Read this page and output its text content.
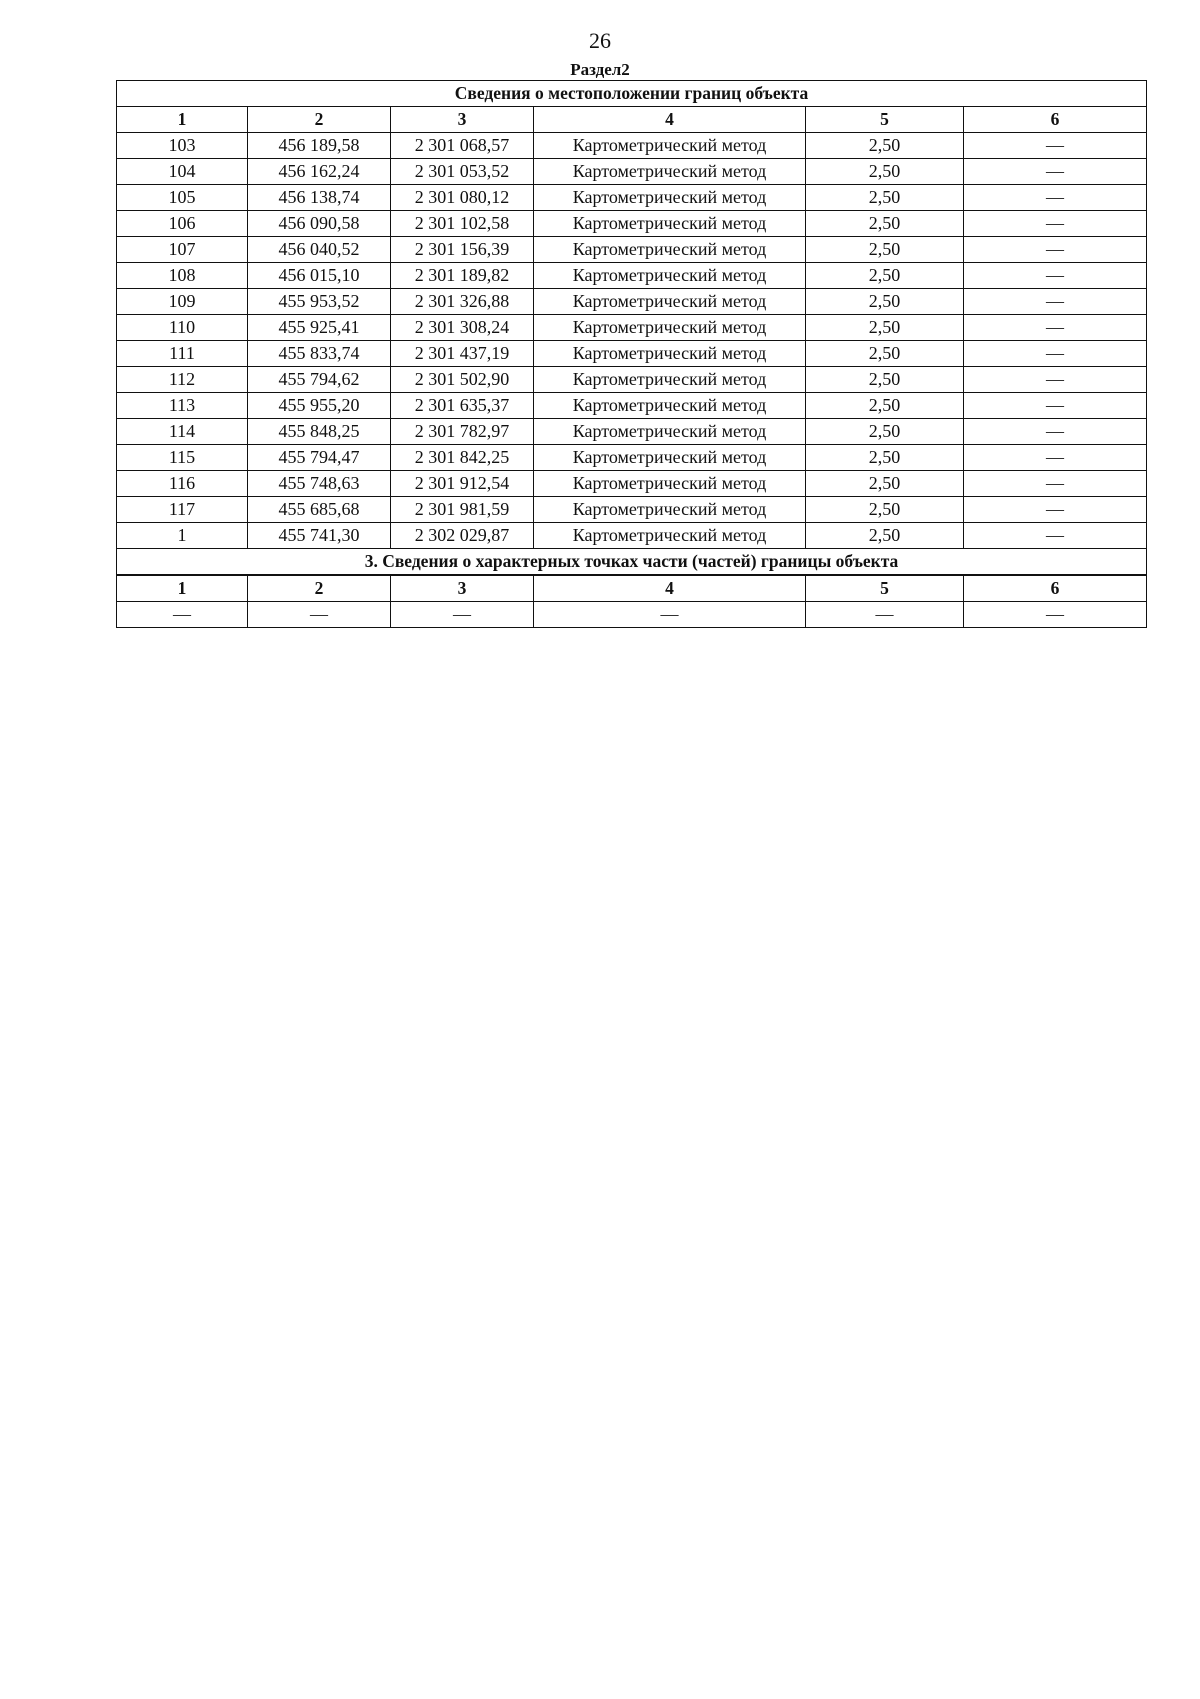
26
Раздел2
Сведения о местоположении границ объекта					
1	2	3	4	5	6
103	456 189,58	2 301 068,57	Картометрический метод	2,50	—
104	456 162,24	2 301 053,52	Картометрический метод	2,50	—
105	456 138,74	2 301 080,12	Картометрический метод	2,50	—
106	456 090,58	2 301 102,58	Картометрический метод	2,50	—
107	456 040,52	2 301 156,39	Картометрический метод	2,50	—
108	456 015,10	2 301 189,82	Картометрический метод	2,50	—
109	455 953,52	2 301 326,88	Картометрический метод	2,50	—
110	455 925,41	2 301 308,24	Картометрический метод	2,50	—
111	455 833,74	2 301 437,19	Картометрический метод	2,50	—
112	455 794,62	2 301 502,90	Картометрический метод	2,50	—
113	455 955,20	2 301 635,37	Картометрический метод	2,50	—
114	455 848,25	2 301 782,97	Картометрический метод	2,50	—
115	455 794,47	2 301 842,25	Картометрический метод	2,50	—
116	455 748,63	2 301 912,54	Картометрический метод	2,50	—
117	455 685,68	2 301 981,59	Картометрический метод	2,50	—
1	455 741,30	2 302 029,87	Картометрический метод	2,50	—
3. Сведения о характерных точках части (частей) границы объекта					
1	2	3	4	5	6
—	—	—	—	—	—
